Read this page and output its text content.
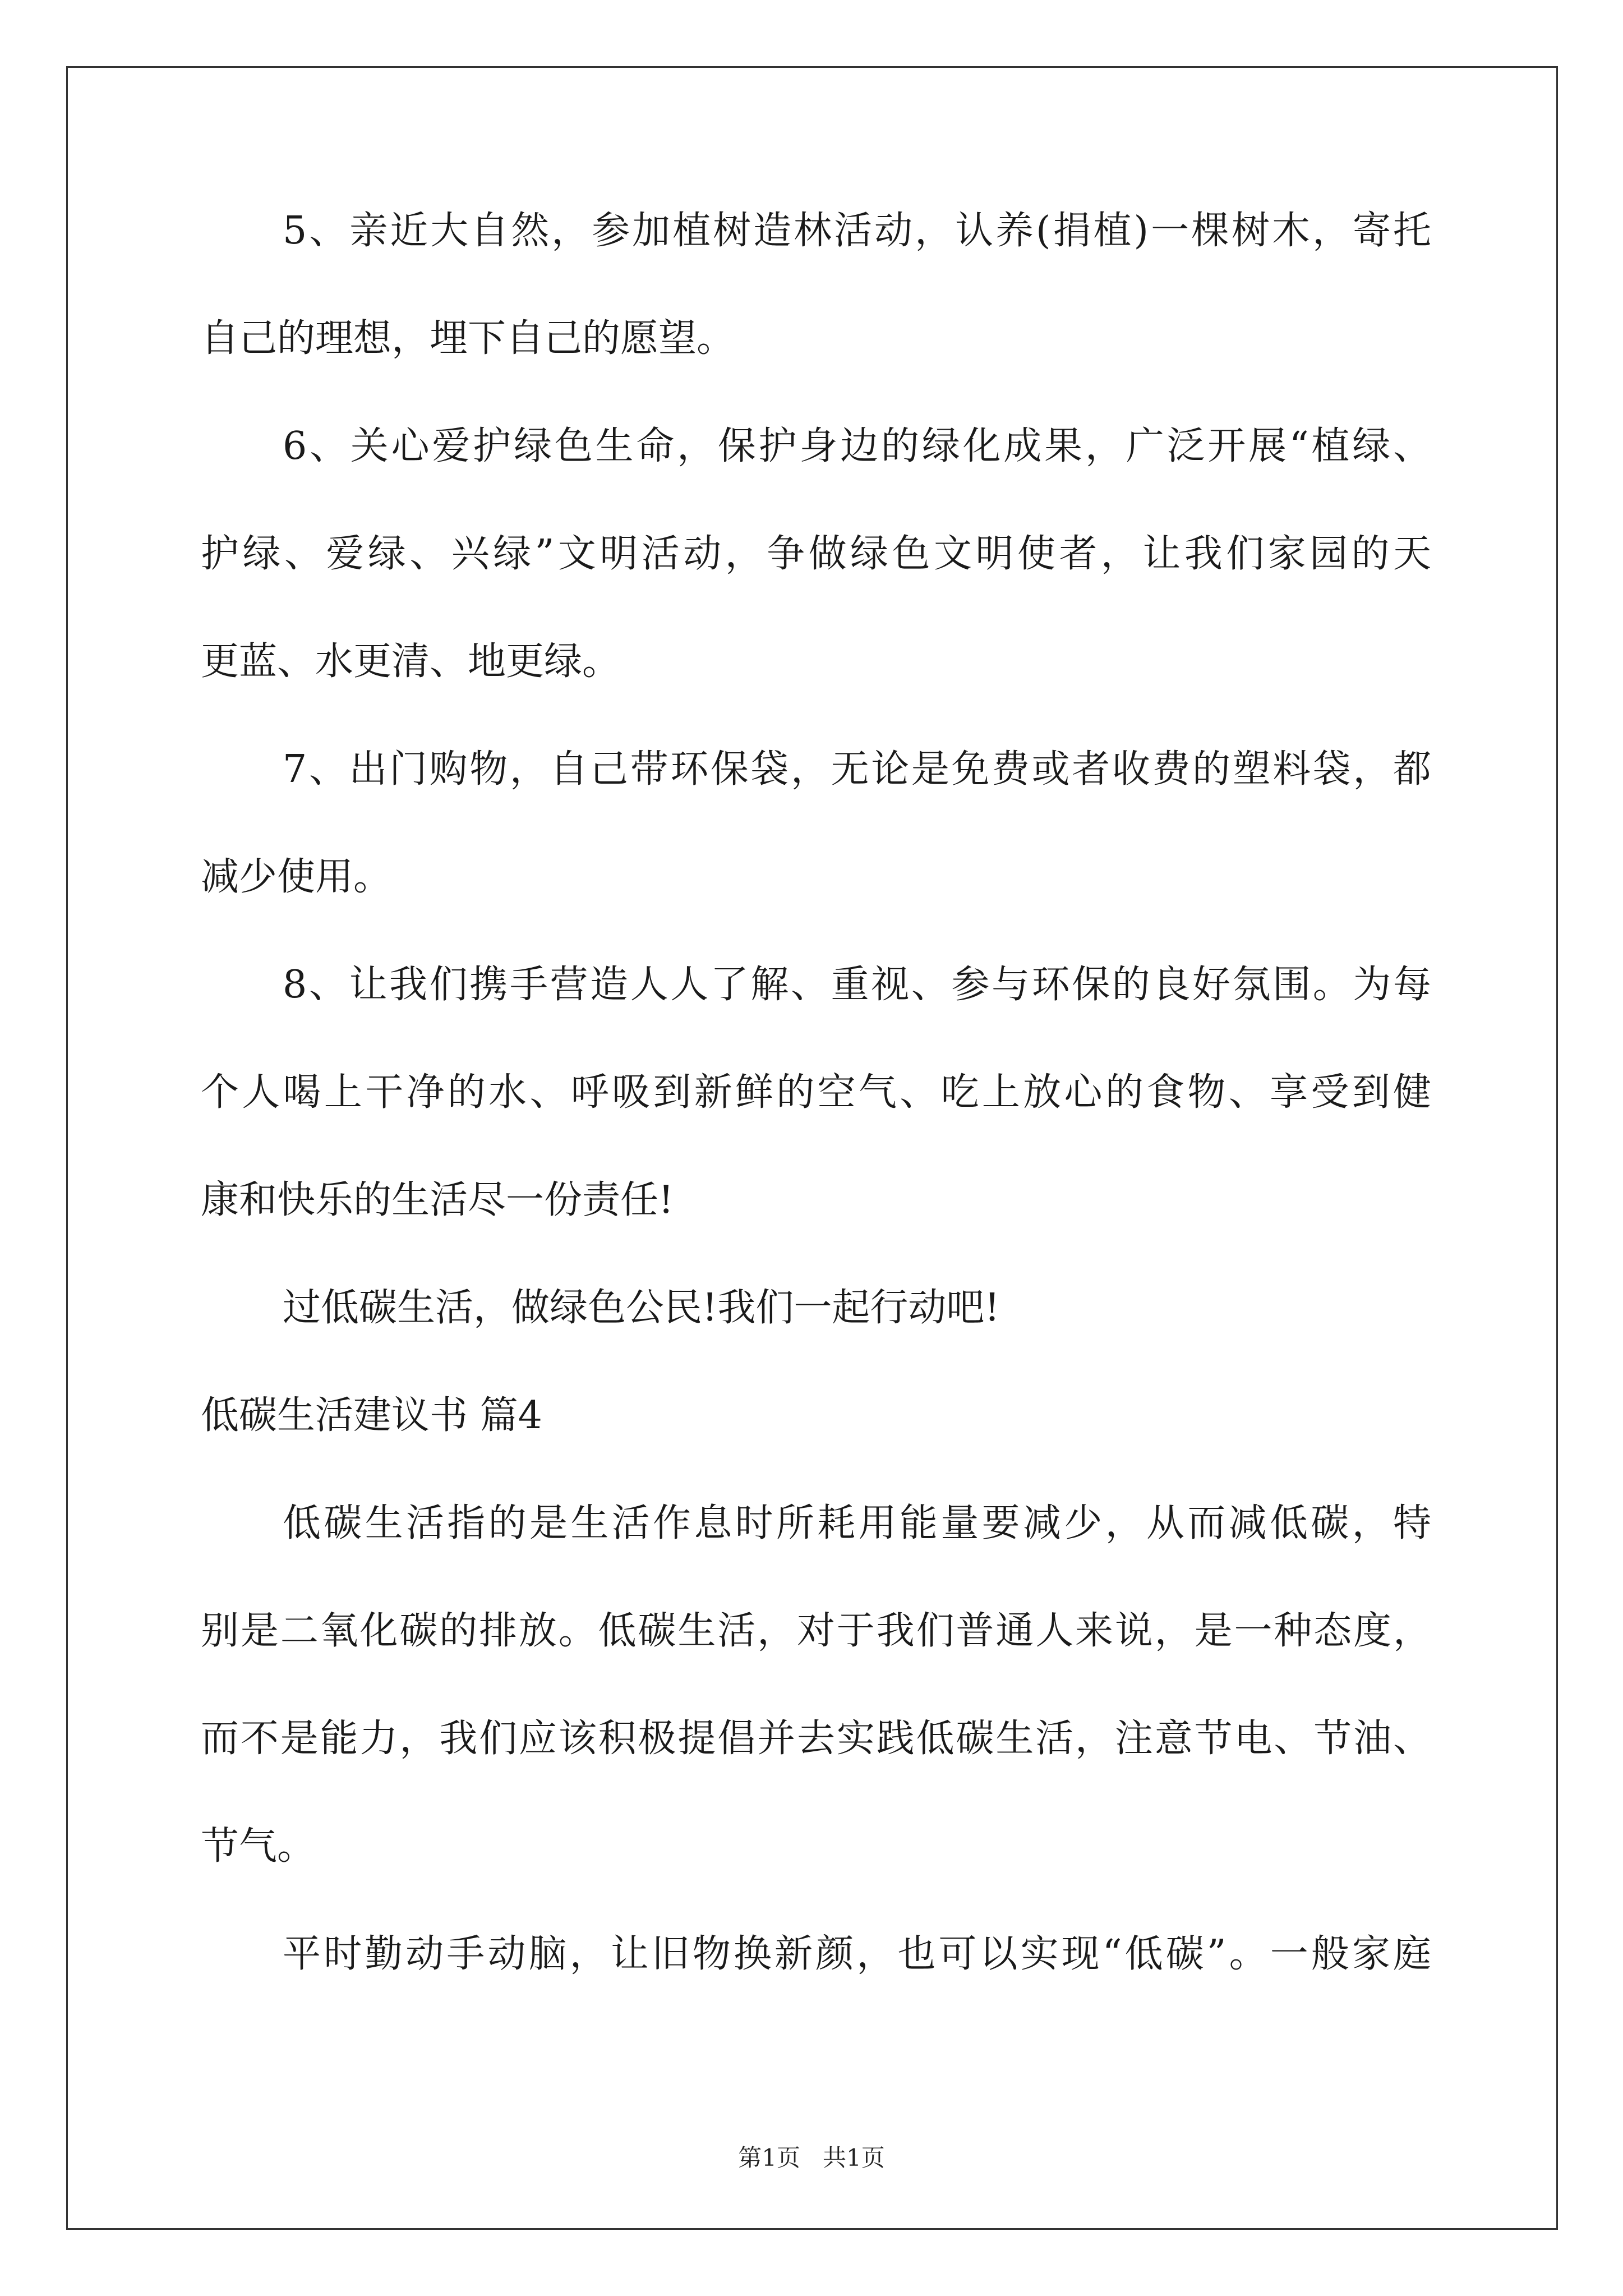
5、亲近大自然，参加植树造林活动，认养(捐植)一棵树木，寄托
自己的理想，埋下自己的愿望。
6、关心爱护绿色生命，保护身边的绿化成果，广泛开展“植绿、
护绿、爱绿、兴绿”文明活动，争做绿色文明使者，让我们家园的天
更蓝、水更清、地更绿。
7、出门购物，自己带环保袋，无论是免费或者收费的塑料袋，都
减少使用。
8、让我们携手营造人人了解、重视、参与环保的良好氛围。为每
个人喝上干净的水、呼吸到新鲜的空气、吃上放心的食物、享受到健
康和快乐的生活尽一份责任!
过低碳生活，做绿色公民!我们一起行动吧!
低碳生活建议书 篇4
低碳生活指的是生活作息时所耗用能量要减少，从而减低碳，特
别是二氧化碳的排放。低碳生活，对于我们普通人来说，是一种态度，
而不是能力，我们应该积极提倡并去实践低碳生活，注意节电、节油、
节气。
平时勤动手动脑，让旧物换新颜，也可以实现“低碳”。一般家庭
第1页   共1页
